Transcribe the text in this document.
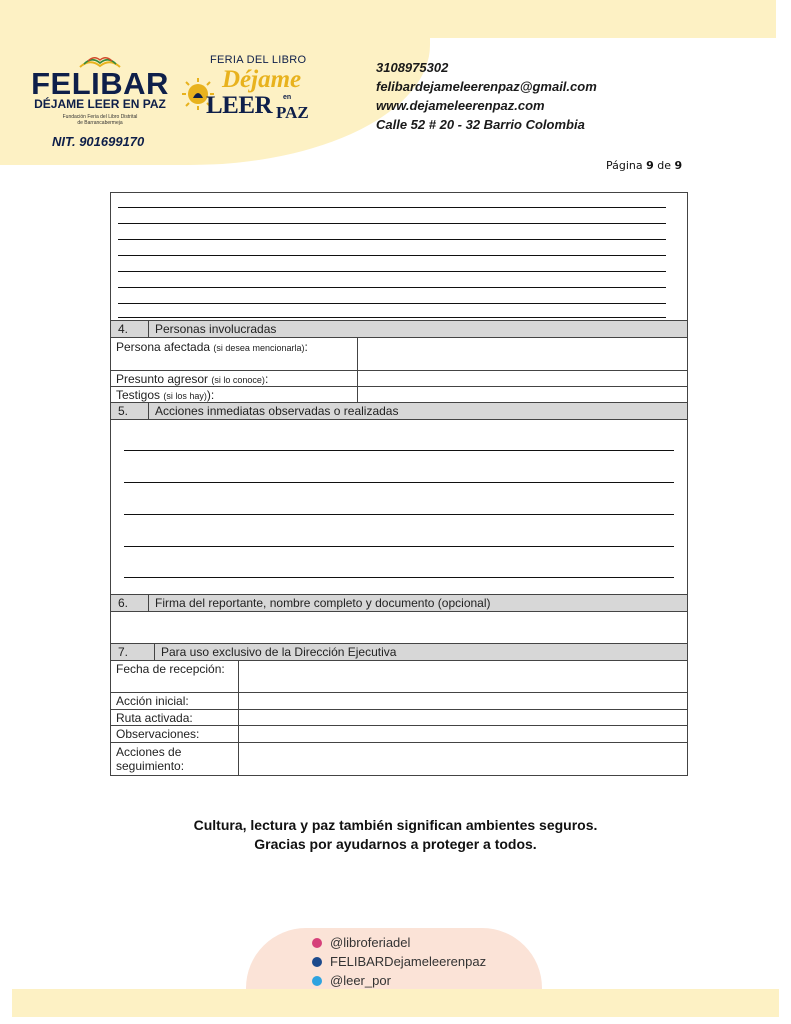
FELIBAR
DÉJAME LEER EN PAZ
Fundación Feria del Libro Distrital
de Barrancabermeja
NIT. 901699170
FERIA DEL LIBRO
Déjame
LEER en
PAZ
3108975302
felibardejameleerenpaz@gmail.com
www.dejameleerenpaz.com
Calle 52 # 20 - 32 Barrio Colombia
Página 9 de 9
4.	Personas involucradas
Persona afectada (si desea mencionarla):
Presunto agresor (si lo conoce):
Testigos (si los hay)):
5.	Acciones inmediatas observadas o realizadas
6.	Firma del reportante, nombre completo y documento (opcional)
7.	Para uso exclusivo de la Dirección Ejecutiva
Fecha de recepción:
Acción inicial:
Ruta activada:
Observaciones:
Acciones de seguimiento:
Cultura, lectura y paz también significan ambientes seguros.
Gracias por ayudarnos a proteger a todos.
@libroferiadel
FELIBARDejameleerenpaz
@leer_por
